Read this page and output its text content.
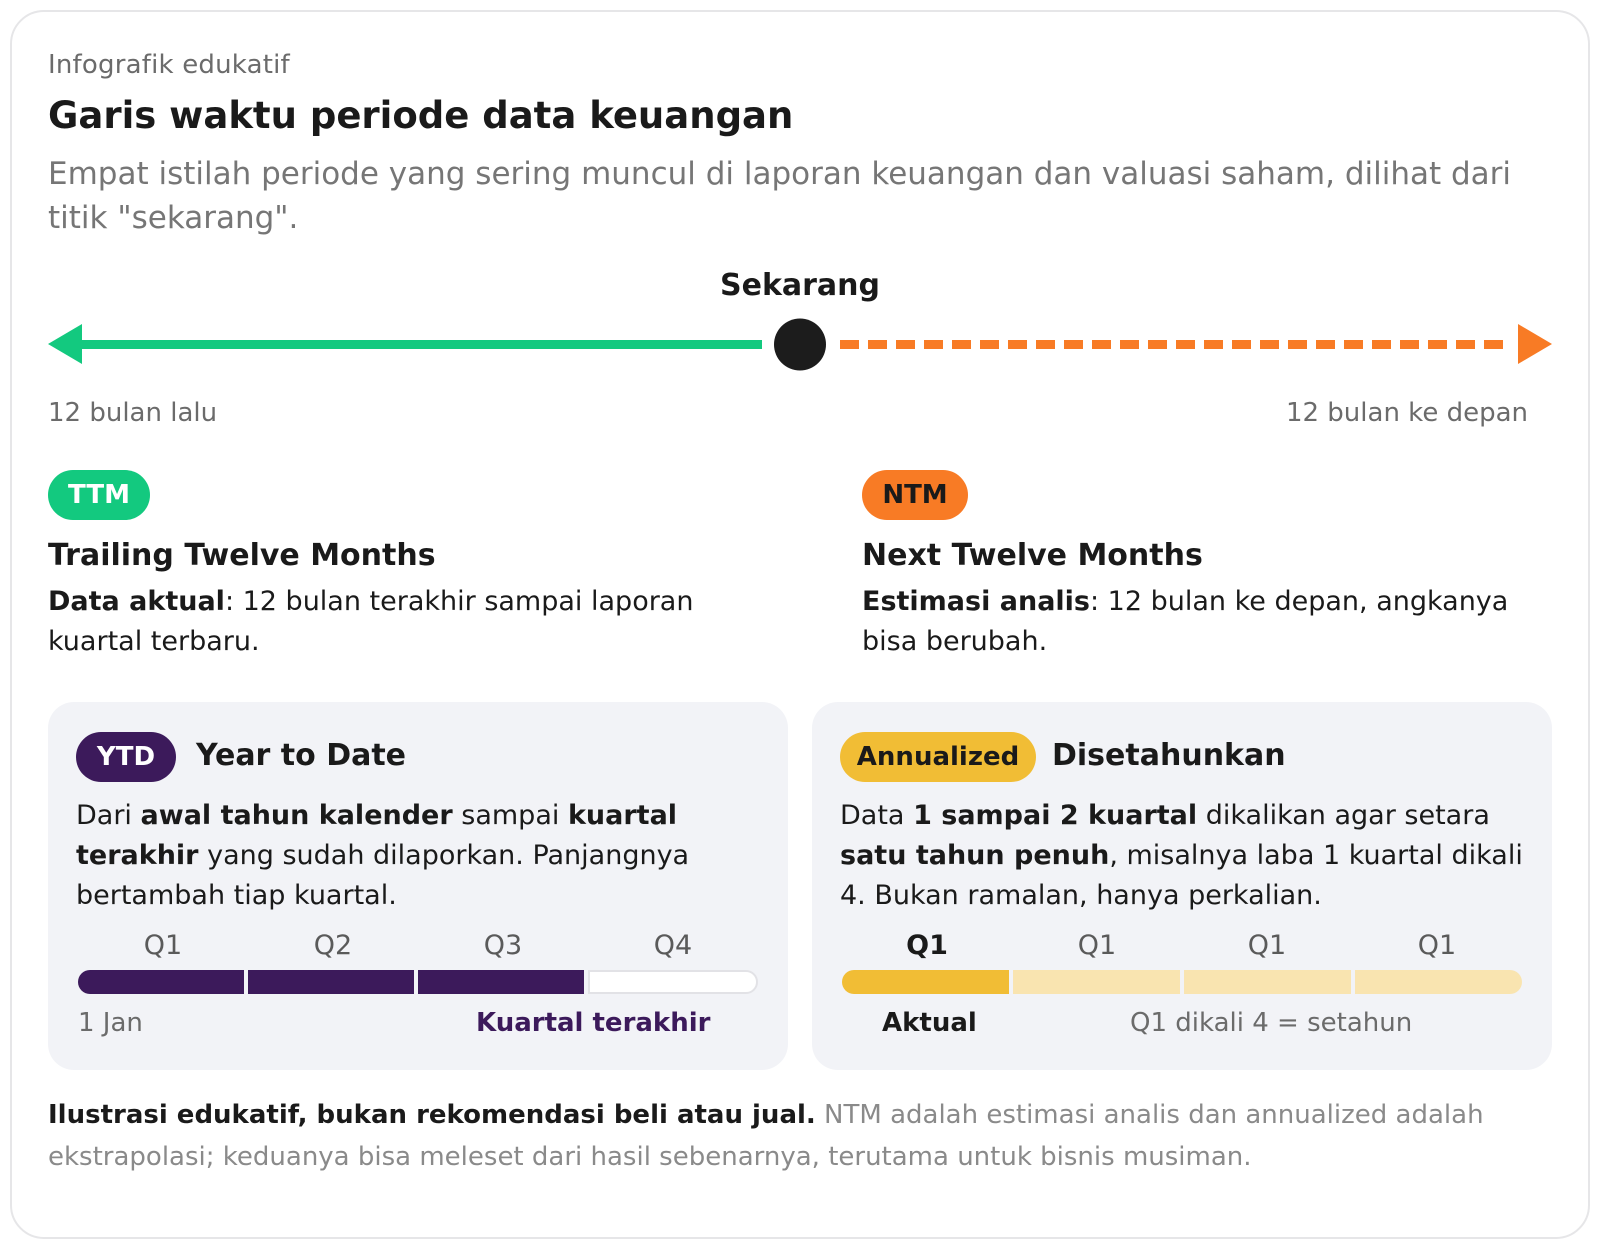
Infografik edukatif
Garis waktu periode data keuangan
Empat istilah periode yang sering muncul di laporan keuangan dan valuasi saham, dilihat dari titik "sekarang".
Sekarang
12 bulan lalu	12 bulan ke depan
TTM
Trailing Twelve Months
Data aktual: 12 bulan terakhir sampai laporan kuartal terbaru.
NTM
Next Twelve Months
Estimasi analis: 12 bulan ke depan, angkanya bisa berubah.
YTD	Year to Date
Dari awal tahun kalender sampai kuartal terakhir yang sudah dilaporkan. Panjangnya bertambah tiap kuartal.
Q1	Q2	Q3	Q4
1 Jan	Kuartal terakhir
Annualized	Disetahunkan
Data 1 sampai 2 kuartal dikalikan agar setara satu tahun penuh, misalnya laba 1 kuartal dikali 4. Bukan ramalan, hanya perkalian.
Q1	Q1	Q1	Q1
Aktual	Q1 dikali 4 = setahun
Ilustrasi edukatif, bukan rekomendasi beli atau jual. NTM adalah estimasi analis dan annualized adalah ekstrapolasi; keduanya bisa meleset dari hasil sebenarnya, terutama untuk bisnis musiman.
